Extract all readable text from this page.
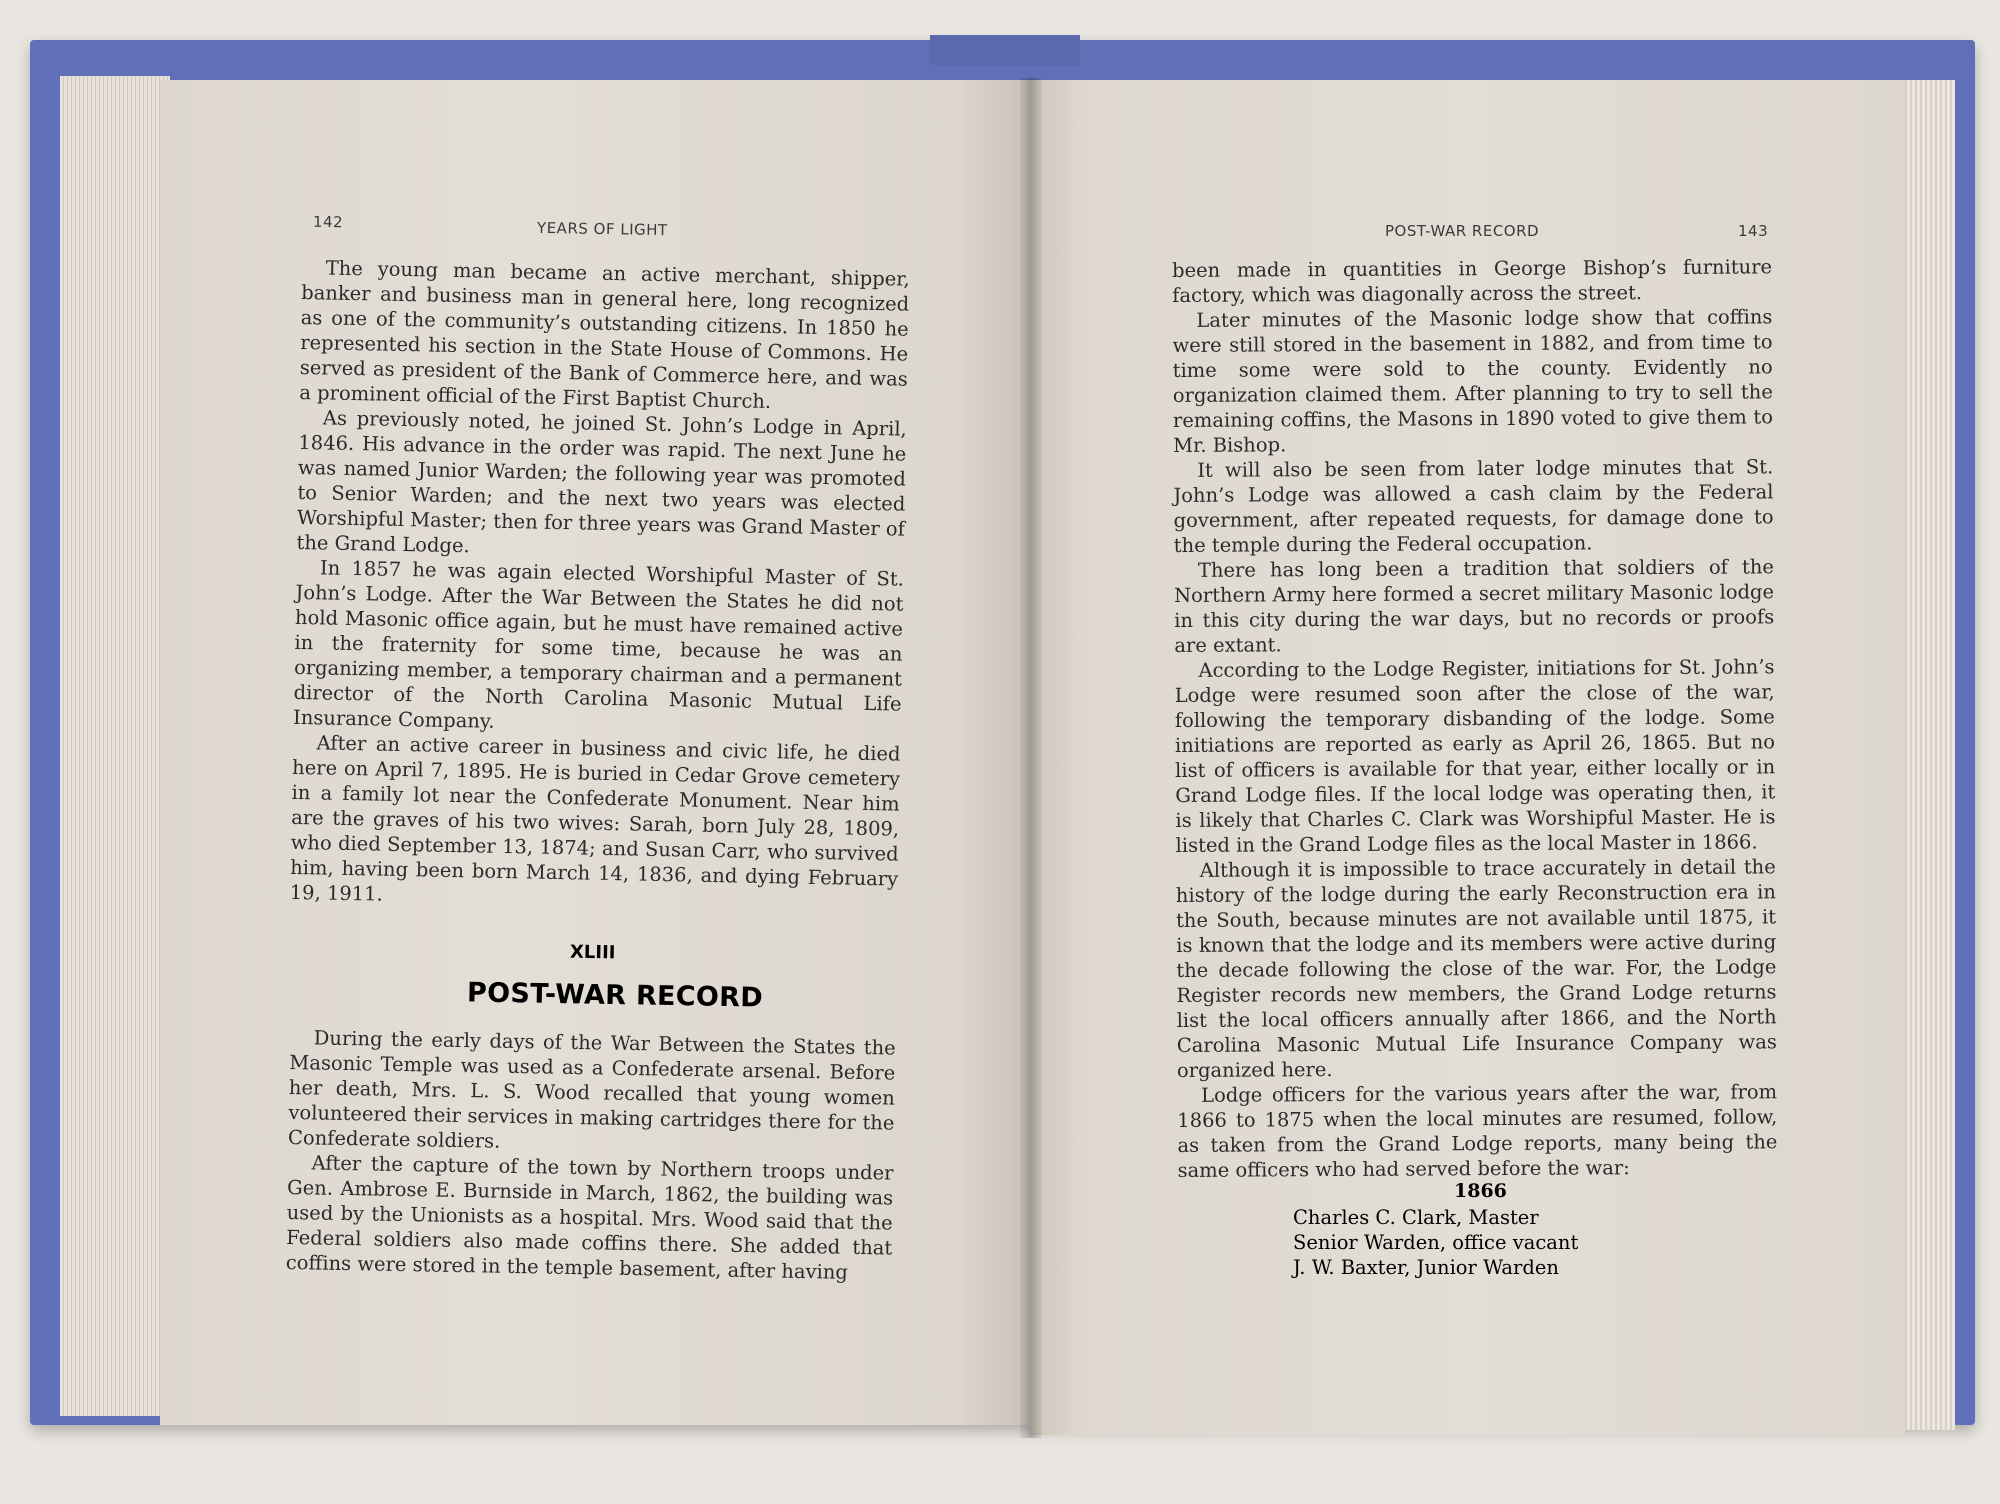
142	YEARS OF LIGHT

The young man became an active merchant, shipper, banker and business man in general here, long recognized as one of the community’s outstanding citizens. In 1850 he represented his section in the State House of Commons. He served as president of the Bank of Commerce here, and was a prominent official of the First Baptist Church.

As previously noted, he joined St. John’s Lodge in April, 1846. His advance in the order was rapid. The next June he was named Junior Warden; the following year was promoted to Senior Warden; and the next two years was elected Worshipful Master; then for three years was Grand Master of the Grand Lodge.

In 1857 he was again elected Worshipful Master of St. John’s Lodge. After the War Between the States he did not hold Masonic office again, but he must have remained active in the fraternity for some time, because he was an organizing member, a temporary chairman and a permanent director of the North Carolina Masonic Mutual Life Insurance Company.

After an active career in business and civic life, he died here on April 7, 1895. He is buried in Cedar Grove cemetery in a family lot near the Confederate Monument. Near him are the graves of his two wives: Sarah, born July 28, 1809, who died September 13, 1874; and Susan Carr, who survived him, having been born March 14, 1836, and dying February 19, 1911.

XLIII
POST-WAR RECORD

During the early days of the War Between the States the Masonic Temple was used as a Confederate arsenal. Before her death, Mrs. L. S. Wood recalled that young women volunteered their services in making cartridges there for the Confederate soldiers.

After the capture of the town by Northern troops under Gen. Ambrose E. Burnside in March, 1862, the building was used by the Unionists as a hospital. Mrs. Wood said that the Federal soldiers also made coffins there. She added that coffins were stored in the temple basement, after having

POST-WAR RECORD	143

been made in quantities in George Bishop’s furniture factory, which was diagonally across the street.

Later minutes of the Masonic lodge show that coffins were still stored in the basement in 1882, and from time to time some were sold to the county. Evidently no organization claimed them. After planning to try to sell the remaining coffins, the Masons in 1890 voted to give them to Mr. Bishop.

It will also be seen from later lodge minutes that St. John’s Lodge was allowed a cash claim by the Federal government, after repeated requests, for damage done to the temple during the Federal occupation.

There has long been a tradition that soldiers of the Northern Army here formed a secret military Masonic lodge in this city during the war days, but no records or proofs are extant.

According to the Lodge Register, initiations for St. John’s Lodge were resumed soon after the close of the war, following the temporary disbanding of the lodge. Some initiations are reported as early as April 26, 1865. But no list of officers is available for that year, either locally or in Grand Lodge files. If the local lodge was operating then, it is likely that Charles C. Clark was Worshipful Master. He is listed in the Grand Lodge files as the local Master in 1866.

Although it is impossible to trace accurately in detail the history of the lodge during the early Reconstruction era in the South, because minutes are not available until 1875, it is known that the lodge and its members were active during the decade following the close of the war. For, the Lodge Register records new members, the Grand Lodge returns list the local officers annually after 1866, and the North Carolina Masonic Mutual Life Insurance Company was organized here.

Lodge officers for the various years after the war, from 1866 to 1875 when the local minutes are resumed, follow, as taken from the Grand Lodge reports, many being the same officers who had served before the war:

1866
Charles C. Clark, Master
Senior Warden, office vacant
J. W. Baxter, Junior Warden
